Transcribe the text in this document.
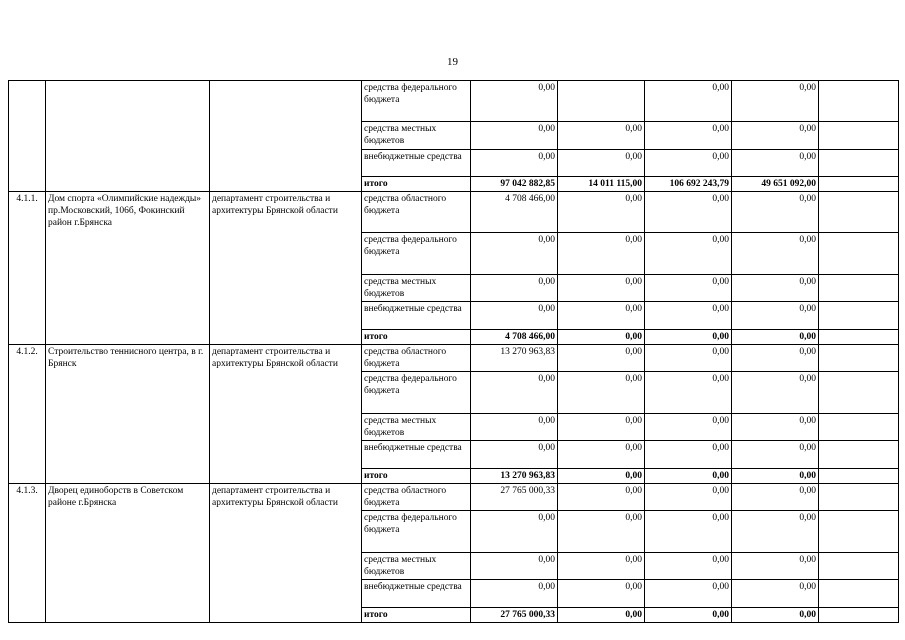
19
			средства федерального бюджета	0,00		0,00	0,00	
			средства местных бюджетов	0,00	0,00	0,00	0,00	
			внебюджетные средства	0,00	0,00	0,00	0,00	
			итого	97 042 882,85	14 011 115,00	106 692 243,79	49 651 092,00	
4.1.1.	Дом спорта «Олимпийские надежды» пр.Московский, 106б, Фокинский район г.Брянска	департамент строительства и архитектуры Брянской области	средства областного бюджета	4 708 466,00	0,00	0,00	0,00	
			средства федерального бюджета	0,00	0,00	0,00	0,00	
			средства местных бюджетов	0,00	0,00	0,00	0,00	
			внебюджетные средства	0,00	0,00	0,00	0,00	
			итого	4 708 466,00	0,00	0,00	0,00	
4.1.2.	Строительство теннисного центра, в г. Брянск	департамент строительства и архитектуры Брянской области	средства областного бюджета	13 270 963,83	0,00	0,00	0,00	
			средства федерального бюджета	0,00	0,00	0,00	0,00	
			средства местных бюджетов	0,00	0,00	0,00	0,00	
			внебюджетные средства	0,00	0,00	0,00	0,00	
			итого	13 270 963,83	0,00	0,00	0,00	
4.1.3.	Дворец единоборств в Советском районе г.Брянска	департамент строительства и архитектуры Брянской области	средства областного бюджета	27 765 000,33	0,00	0,00	0,00	
			средства федерального бюджета	0,00	0,00	0,00	0,00	
			средства местных бюджетов	0,00	0,00	0,00	0,00	
			внебюджетные средства	0,00	0,00	0,00	0,00	
			итого	27 765 000,33	0,00	0,00	0,00	
